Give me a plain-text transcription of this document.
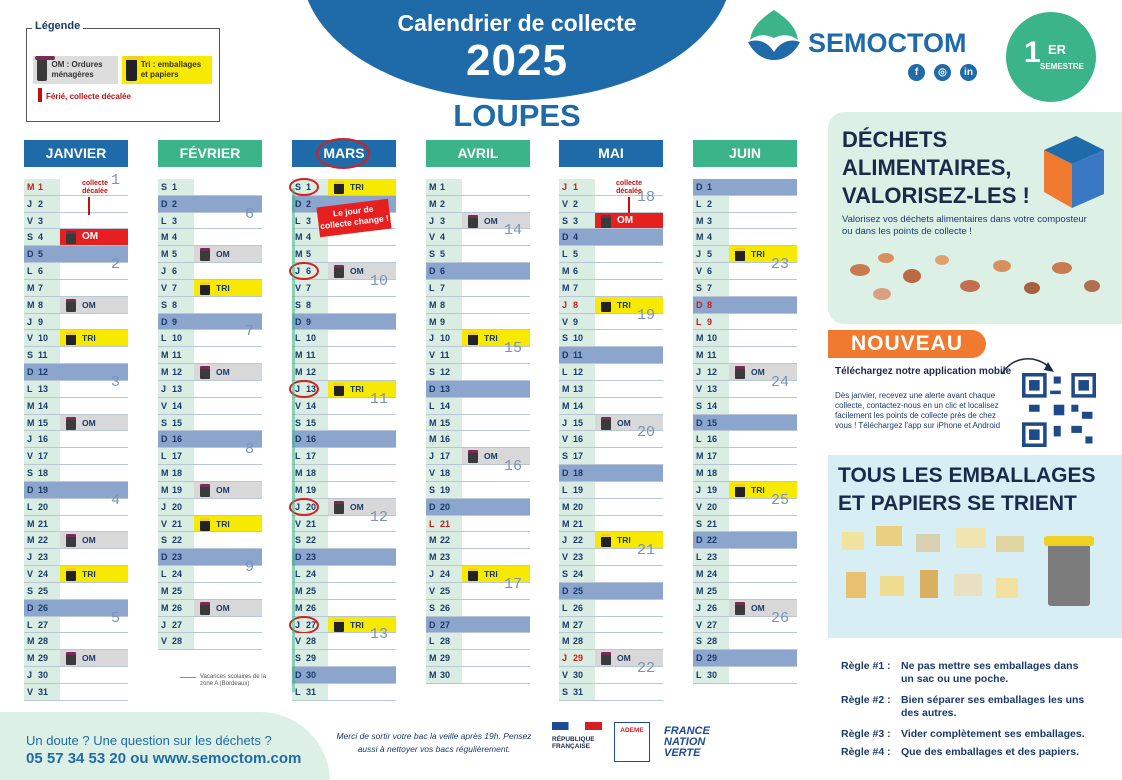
Calendrier de collecte
2025
LOUPES
Légende
OM : Ordures ménagères
Tri : emballages et papiers
Férié, collecte décalée
SEMOCTOM
f	◎	in
1 ER
SEMESTRE
JANVIER
M 1	1
J 2
V 3
S 4	OM
D 5
L 6	2
M 7
M 8	OM
J 9
V 10	TRI
S 11
D 12
L 13	3
M 14
M 15	OM
J 16
V 17
S 18
D 19
L 20	4
M 21
M 22	OM
J 23
V 24	TRI
S 25
D 26
L 27	5
M 28
M 29	OM
J 30
V 31
FÉVRIER
S 1
D 2
L 3	6
M 4
M 5	OM
J 6
V 7	TRI
S 8
D 9
L 10	7
M 11
M 12	OM
J 13
V 14
S 15
D 16
L 17	8
M 18
M 19	OM
J 20
V 21	TRI
S 22
D 23
L 24	9
M 25
M 26	OM
J 27
V 28
MARS
S 1	TRI
D 2
L 3
M 4
M 5
J 6	OM
V 7	10
S 8
D 9
L 10
M 11
M 12
J 13	TRI
V 14	11
S 15
D 16
L 17
M 18
M 19
J 20	OM
V 21	12
S 22
D 23
L 24
M 25
M 26
J 27	TRI
V 28	13
S 29
D 30
L 31
AVRIL
M 1
M 2
J 3	OM
V 4	14
S 5
D 6
L 7
M 8
M 9
J 10	TRI
V 11	15
S 12
D 13
L 14
M 15
M 16
J 17	OM
V 18	16
S 19
D 20
L 21
M 22
M 23
J 24	TRI
V 25	17
S 26
D 27
L 28
M 29
M 30
MAI
J 1
V 2	18
S 3	OM
D 4
L 5
M 6
M 7
J 8	TRI
V 9	19
S 10
D 11
L 12
M 13
M 14
J 15	OM
V 16	20
S 17
D 18
L 19
M 20
M 21
J 22	TRI
V 23	21
S 24
D 25
L 26
M 27
M 28
J 29	OM
V 30	22
S 31
JUIN
D 1
L 2
M 3
M 4
J 5	TRI
V 6	23
S 7
D 8
L 9
M 10
M 11
J 12	OM
V 13	24
S 14
D 15
L 16
M 17
M 18
J 19	TRI
V 20	25
S 21
D 22
L 23
M 24
M 25
J 26	OM
V 27	26
S 28
D 29
L 30
collecte décalée
collecte décalée
Le jour de collecte change !
Vacances scolaires de la zone A (Bordeaux)
DÉCHETS ALIMENTAIRES, VALORISEZ-LES !
Valorisez vos déchets alimentaires dans votre composteur ou dans les points de collecte !
NOUVEAU
Téléchargez notre application mobile
Dès janvier, recevez une alerte avant chaque collecte, contactez-nous en un clic et localisez facilement les points de collecte près de chez vous ! Téléchargez l'app sur iPhone et Android
TOUS LES EMBALLAGES ET PAPIERS SE TRIENT
Règle #1 : Ne pas mettre ses emballages dans un sac ou une poche.
Règle #2 : Bien séparer ses emballages les uns des autres.
Règle #3 : Vider complètement ses emballages.
Règle #4 : Que des emballages et des papiers.
Un doute ? Une question sur les déchets ?
05 57 34 53 20 ou www.semoctom.com
Merci de sortir votre bac la veille après 19h. Pensez aussi à nettoyer vos bacs régulièrement.
RÉPUBLIQUE FRANÇAISE
ADEME	FRANCE NATION VERTE
